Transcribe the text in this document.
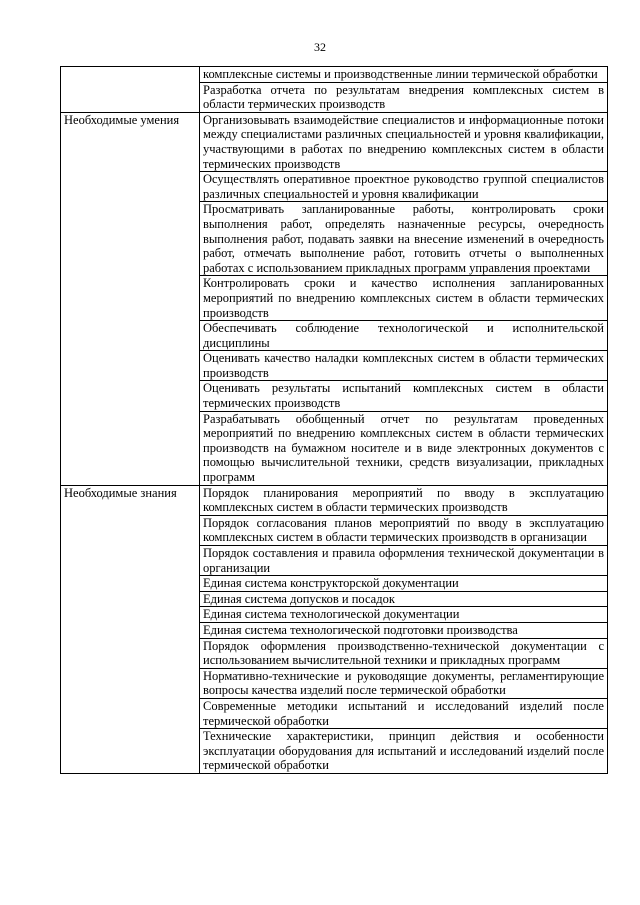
32
	комплексные системы и производственные линии термической обработки
	Разработка отчета по результатам внедрения комплексных систем в области термических производств
Необходимые умения	Организовывать взаимодействие специалистов и информационные потоки между специалистами различных специальностей и уровня квалификации, участвующими в работах по внедрению комплексных систем в области термических производств
	Осуществлять оперативное проектное руководство группой специалистов различных специальностей и уровня квалификации
	Просматривать запланированные работы, контролировать сроки выполнения работ, определять назначенные ресурсы, очередность выполнения работ, подавать заявки на внесение изменений в очередность работ, отмечать выполнение работ, готовить отчеты о выполненных работах с использованием прикладных программ управления проектами
	Контролировать сроки и качество исполнения запланированных мероприятий по внедрению комплексных систем в области термических производств
	Обеспечивать соблюдение технологической и исполнительской дисциплины
	Оценивать качество наладки комплексных систем в области термических производств
	Оценивать результаты испытаний комплексных систем в области термических производств
	Разрабатывать обобщенный отчет по результатам проведенных мероприятий по внедрению комплексных систем в области термических производств на бумажном носителе и в виде электронных документов с помощью вычислительной техники, средств визуализации, прикладных программ
Необходимые знания	Порядок планирования мероприятий по вводу в эксплуатацию комплексных систем в области термических производств
	Порядок согласования планов мероприятий по вводу в эксплуатацию комплексных систем в области термических производств в организации
	Порядок составления и правила оформления технической документации в организации
	Единая система конструкторской документации
	Единая система допусков и посадок
	Единая система технологической документации
	Единая система технологической подготовки производства
	Порядок оформления производственно-технической документации с использованием вычислительной техники и прикладных программ
	Нормативно-технические и руководящие документы, регламентирующие вопросы качества изделий после термической обработки
	Современные методики испытаний и исследований изделий после термической обработки
	Технические характеристики, принцип действия и особенности эксплуатации оборудования для испытаний и исследований изделий после термической обработки
